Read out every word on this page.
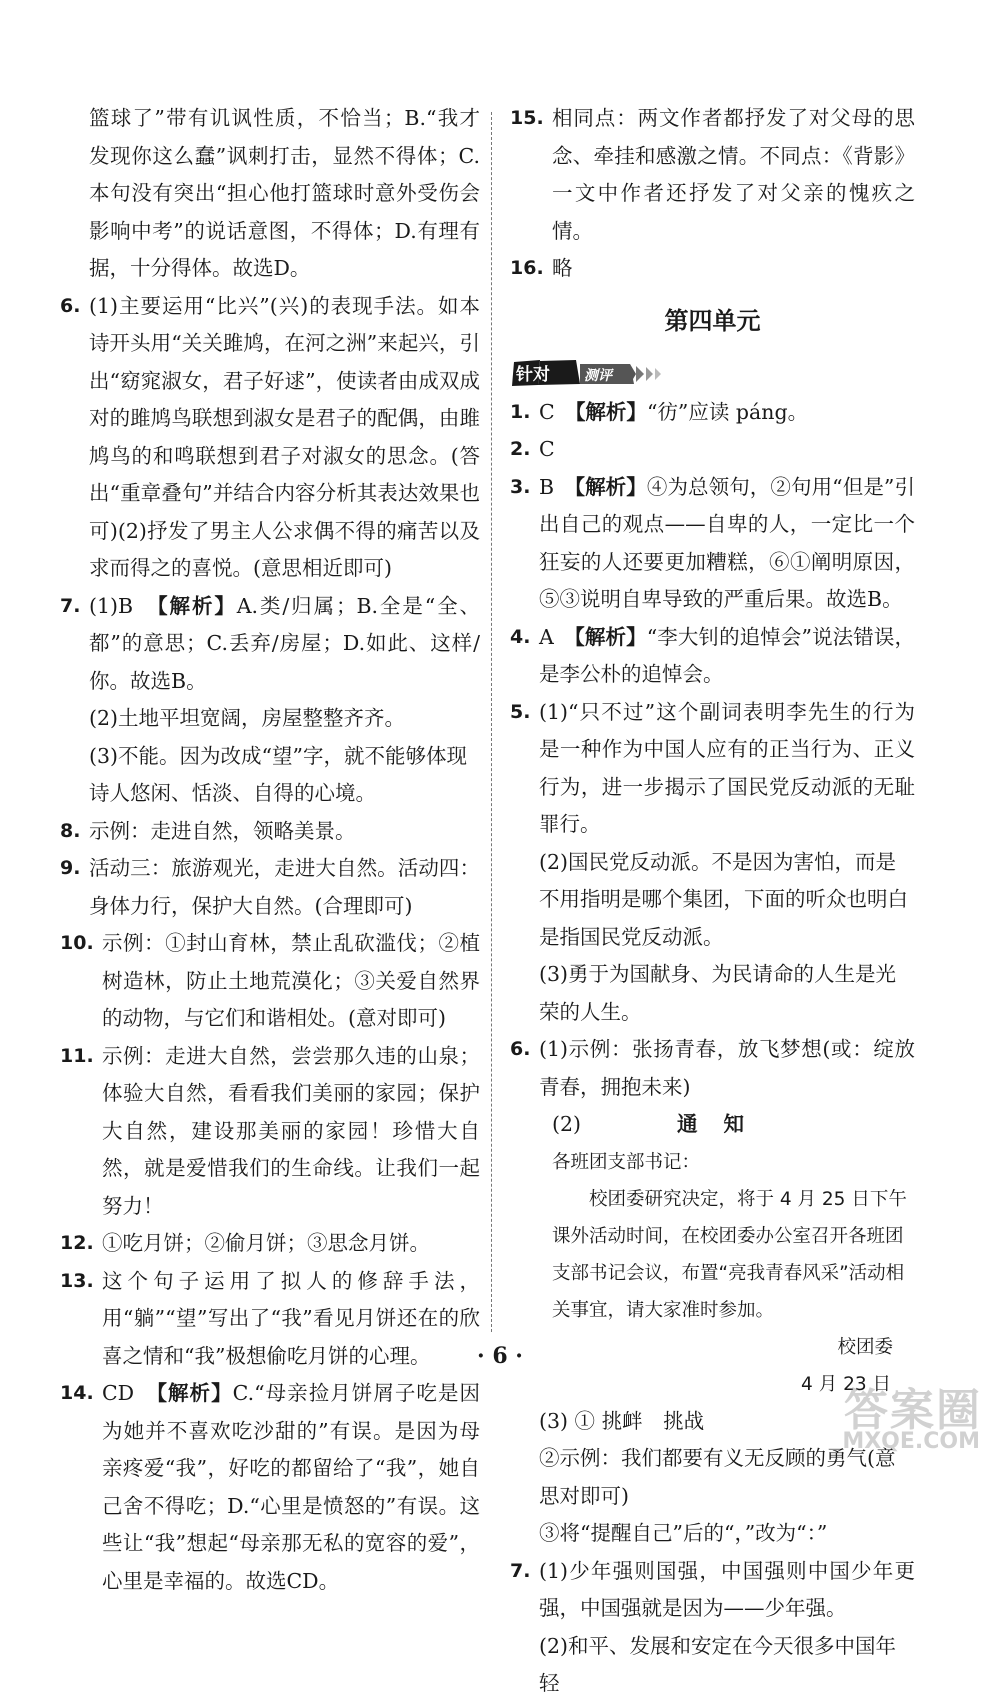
篮球了”带有讥讽性质，不恰当；B.“我才发现你这么蠢”讽刺打击，显然不得体；C.本句没有突出“担心他打篮球时意外受伤会影响中考”的说话意图，不得体；D.有理有据，十分得体。故选D。
6. (1)主要运用“比兴”(兴)的表现手法。如本诗开头用“关关雎鸠，在河之洲”来起兴，引出“窈窕淑女，君子好逑”，使读者由成双成对的雎鸠鸟联想到淑女是君子的配偶，由雎鸠鸟的和鸣联想到君子对淑女的思念。(答出“重章叠句”并结合内容分析其表达效果也可)(2)抒发了男主人公求偶不得的痛苦以及求而得之的喜悦。(意思相近即可)
7. (1)B　【解析】A.类/归属；B.全是“全、都”的意思；C.丢弃/房屋；D.如此、这样/你。故选B。
(2)土地平坦宽阔，房屋整整齐齐。
(3)不能。因为改成“望”字，就不能够体现诗人悠闲、恬淡、自得的心境。
8. 示例：走进自然，领略美景。
9. 活动三：旅游观光，走进大自然。活动四：身体力行，保护大自然。(合理即可)
10. 示例：①封山育林，禁止乱砍滥伐；②植树造林，防止土地荒漠化；③关爱自然界的动物，与它们和谐相处。(意对即可)
11. 示例：走进大自然，尝尝那久违的山泉；体验大自然，看看我们美丽的家园；保护大自然，建设那美丽的家园！珍惜大自然，就是爱惜我们的生命线。让我们一起努力！
12. ①吃月饼；②偷月饼；③思念月饼。
13. 这个句子运用了拟人的修辞手法，用“躺”“望”写出了“我”看见月饼还在的欣喜之情和“我”极想偷吃月饼的心理。
14. CD　【解析】C.“母亲捡月饼屑子吃是因为她并不喜欢吃沙甜的”有误。是因为母亲疼爱“我”，好吃的都留给了“我”，她自己舍不得吃；D.“心里是愤怒的”有误。这些让“我”想起“母亲那无私的宽容的爱”，心里是幸福的。故选CD。
15. 相同点：两文作者都抒发了对父母的思念、牵挂和感激之情。不同点：《背影》一文中作者还抒发了对父亲的愧疚之情。
16. 略
第四单元
针对 测评
1. C　【解析】“彷”应读 páng。
2. C
3. B　【解析】④为总领句，②句用“但是”引出自己的观点——自卑的人，一定比一个狂妄的人还要更加糟糕，⑥①阐明原因，⑤③说明自卑导致的严重后果。故选B。
4. A　【解析】“李大钊的追悼会”说法错误，是李公朴的追悼会。
5. (1)“只不过”这个副词表明李先生的行为是一种作为中国人应有的正当行为、正义行为，进一步揭示了国民党反动派的无耻罪行。
(2)国民党反动派。不是因为害怕，而是不用指明是哪个集团，下面的听众也明白是指国民党反动派。
(3)勇于为国献身、为民请命的人生是光荣的人生。
6. (1)示例：张扬青春，放飞梦想(或：绽放青春，拥抱未来)
(2)	通知
各班团支部书记：
校团委研究决定，将于 4 月 25 日下午课外活动时间，在校团委办公室召开各班团支部书记会议，布置“亮我青春风采”活动相关事宜，请大家准时参加。
校团委
4 月 23 日
(3) ① 挑衅　挑战
②示例：我们都要有义无反顾的勇气(意思对即可)
③将“提醒自己”后的“，”改为“：”
7. (1)少年强则国强，中国强则中国少年更强，中国强就是因为——少年强。
(2)和平、发展和安定在今天很多中国年轻
· 6 ·
答案圈
MXQE.COM
